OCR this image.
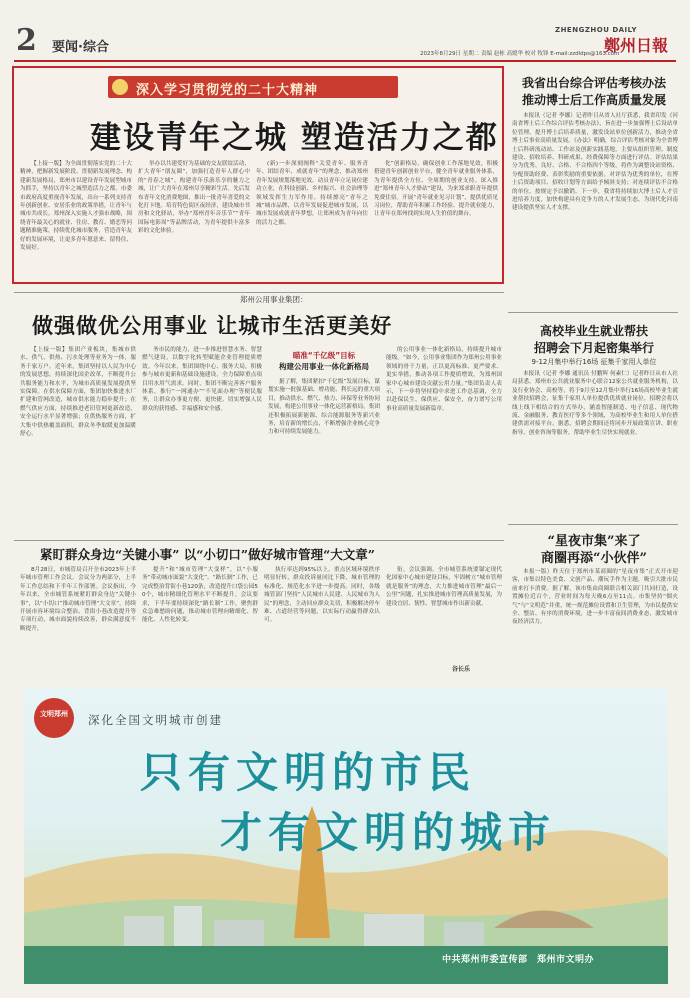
2 要闻·综合
ZHENGZHOU DAILY
鄭州日報
2023年8月29日 星期二 责编 赵栋 高嫒华 校对 牧锋 E-mail:zzdldps@163.com
深入学习贯彻党的二十大精神
建设青年之城 塑造活力之都

【上接一版】为全面贯彻落实党的二十大精神，把握新发展阶段、贯彻新发展理念、构建新发展格局，郑州市以建设青年发展型城市为抓手，坚持以青年之城塑造活力之都。市委市政府高度重视青年发展，出台一系列支持青年创新创业、安居乐业的政策举措，让青年与城市共成长。郑州深入实施人才强市战略，围绕青年最关心的就业、住房、教育、婚恋等问题精准施策，持续优化城市服务，营造青年友好的发展环境，让更多青年愿意来、留得住、发展好。

举办以共建爱好为基础的交友联谊活动，扩大青年“朋友圈”，加强打造青年人群心中的“青春之城”。构建青年乐游乐享的魅力之城，让广大青年在郑州尽享精彩生活。先后发布青年文化消费地图，推出一批青年喜爱的文化打卡地。培育特色街区夜经济，建设城市书房和文化驿站，举办“郑州青年音乐节”“青年国际电影周”等品牌活动，为青年提供丰富多彩的文化体验。

(新)一步深刻阐释“关爱青年、服务青年、团结青年、成就青年”的理念，推动郑州青年发展规划落地见效。动员青年立足岗位建功立业，在科技创新、乡村振兴、社会治理等领域发挥生力军作用。持续擦亮“青年之城”城市品牌，以青年发展促进城市发展，以城市发展成就青年梦想，让郑州成为青年向往的活力之都。

化”创新格局，确保创业工作落地见效。积极搭建青年创新创业平台，健全青年就业服务体系，为青年提供全方位、全周期的创业支持。深入推进“郑州青年人才驿站”建设，为来郑求职青年提供免费住宿。开展“青年就业见习计划”，提供优质见习岗位，帮助青年积累工作经验、提升就业能力，让青年在郑州找到实现人生价值的舞台。

我省出台综合评估考核办法
推动博士后工作高质量发展

本报讯（记者 李娜）记者昨日从省人社厅获悉，我省印发《河南省博士后工作综合评估考核办法》，旨在进一步加强博士后设站单位管理，提升博士后培养质量，激发设站单位创新活力，推动全省博士后事业高质量发展。《办法》明确，综合评估考核对象为全省博士后科研流动站、工作站及创新实践基地，主要从组织管理、制度建设、招收培养、科研成果、经费保障等方面进行评估。评估结果分为优秀、良好、合格、不合格四个等级，将作为调整设站资格、分配资助经费、表彰奖励的重要依据。对评估为优秀的单位，在博士后资助项目、招收计划等方面给予倾斜支持；对连续评估不合格的单位，按规定予以撤销。下一步，我省将持续加大博士后人才引进培养力度，加快构建具有竞争力的人才发展生态，为现代化河南建设提供坚实人才支撑。

郑州公用事业集团：
做强做优公用事业 让城市生活更美好

【上接一版】集团产业板块，集城市供水、供气、供热、污水处理等业务为一体，服务千家万户。近年来，集团坚持以人民为中心的发展思想，持续深化国企改革，不断提升公共服务能力和水平，为城市高质量发展提供坚实保障。在供水保障方面，集团加快推进水厂扩建和管网改造，城市供水能力稳步提升；在燃气供应方面，持续推进老旧管网更新改造，安全运行水平显著增强；在供热服务方面，扩大集中供热覆盖面积，群众冬季取暖更加温暖舒心。

务市民的能力，进一步推进智慧水务、智慧燃气建设，以数字化转型赋能企业管理提质增效。今年以来，集团围绕中心、服务大局，积极参与城市更新和基础设施建设，全力保障重点项目用水用气需求。同时，集团不断完善客户服务体系，推行“一网通办”“不见面办理”等便民服务，让群众办事更方便、更快捷，切实增强人民群众的获得感、幸福感和安全感。

瞄准“千亿级”目标
构建公用事业一体化新格局

据了解，集团紧扣“千亿级”发展目标，谋划实施一批强基础、增功能、利长远的重大项目，推动供水、燃气、热力、环保等业务协同发展，构建公用事业一体化运营新格局。集团还积极拓展新能源、综合能源服务等新兴业务，培育新的增长点，不断增强企业核心竞争力和可持续发展能力。

的公用事业一体化新格局，持续提升城市能级。“如今，公用事业集团作为郑州公用事业领域的骨干力量，正以更高标准、更严要求、更实举措，推动各项工作提质增效，为郑州国家中心城市建设贡献公用力量。”集团负责人表示，下一步将坚持稳中求进工作总基调，全力以赴保民生、保供应、保安全，奋力谱写公用事业高质量发展新篇章。

高校毕业生就业帮扶
招聘会下月起密集举行
9-12月集中举行16场 征集千家用人单位

本报讯（记者 李娜 通讯员 付鹏辉 何素仁）记者昨日从市人社局获悉，郑州市公共就业服务中心联合12家公共就业服务机构，以及行业协会、高校等，将于9月至12月集中举行16场高校毕业生就业帮扶招聘会，征集千家用人单位提供优质就业岗位。招聘会将以线上线下相结合的方式举办，涵盖智能制造、电子信息、现代物流、金融服务、教育医疗等多个领域，为高校毕业生和用人单位搭建供需对接平台。据悉，招聘会期间还将同步开展政策宣讲、职业指导、创业咨询等服务，帮助毕业生尽快实现就业。

紧盯群众身边“关键小事” 以“小切口”做好城市管理“大文章”

8月28日，市城管局召开全市2023年上半年城市管理工作会议。会议分为两部分，上半年工作总结和下半年工作部署。会议指出，今年以来，全市城管系统紧盯群众身边“关键小事”，以“小切口”推动城市管理“大文章”，持续开展市容环境综合整治、背街小巷改造提升等专项行动，城市面貌持续改善，群众满意度不断提升。

提升”和“城市管理“大变样”，以“小服务”带动城市面貌“大变化”。“路长制”工作，已完成整治背街小巷120条，改造提升口袋公园50个，城市精细化管理水平不断提升。会议要求，下半年要持续深化“路长制”工作，聚焦群众急难愁盼问题，推动城市管理向精细化、智能化、人性化转变。

执行率达到95%以上，重点区域环境秩序明显好转，群众投诉量同比下降，城市管理的标准化、规范化水平进一步提高。同时，各级城管部门坚持“人民城市人民建、人民城市为人民”的理念，主动回应群众关切，积极解决停车难、占道经营等问题，以实际行动赢得群众认可。

衔。会议强调，全市城管系统要锚定现代化国家中心城市建设目标，牢固树立“城市管理就是服务”的理念，大力推进城市管理“最后一公里”问题，扎实推进城市管理高质量发展，为建设宜居、韧性、智慧城市作出新贡献。

谷长乐
“星夜市集”来了
商圈再添“小伙伴”

本报一版）昨天位于郑州市某商圈的“星夜市集”正式开市迎客，市集以特色美食、文创产品、潮玩手作为主题，吸引大批市民前来打卡消费。据了解，该市集由商圈联合相关部门共同打造，设置摊位近百个，营业时间为每天晚6点至11点。市集坚持“烟火气”与“文明范”并重，统一规范摊位设置和卫生管理，为市民提供安全、整洁、有序的消费环境，进一步丰富夜间消费业态，激发城市夜经济活力。

文明郑州 深化全国文明城市创建
只有文明的市民
才有文明的城市
中共郑州市委宣传部　郑州市文明办
